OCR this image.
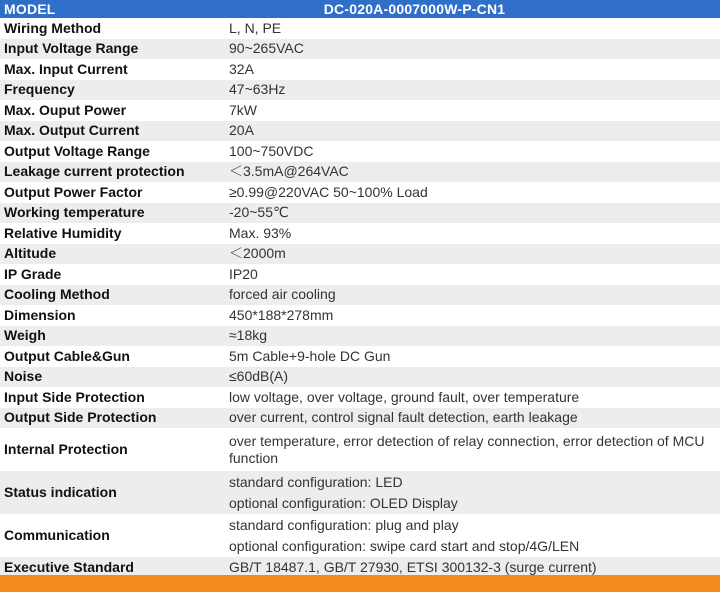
MODEL	DC-020A-0007000W-P-CN1
Wiring Method	L, N, PE
Input Voltage Range	90~265VAC
Max. Input Current	32A
Frequency	47~63Hz
Max. Ouput Power	7kW
Max. Output Current	20A
Output Voltage Range	100~750VDC
Leakage current protection	＜3.5mA@264VAC
Output Power Factor	≥0.99@220VAC 50~100% Load
Working temperature	-20~55℃
Relative Humidity	Max. 93%
Altitude	＜2000m
IP Grade	IP20
Cooling Method	forced air cooling
Dimension	450*188*278mm
Weigh	≈18kg
Output Cable&Gun	5m Cable+9-hole DC Gun
Noise	≤60dB(A)
Input Side Protection	low voltage, over voltage, ground fault, over temperature
Output Side Protection	over current, control signal fault detection, earth leakage
Internal Protection	over temperature, error detection of relay connection, error detection of MCU function
Status indication	standard configuration: LED
optional configuration: OLED Display

Communication	standard configuration: plug and play
optional configuration: swipe card start and stop/4G/LEN

Executive Standard	GB/T 18487.1, GB/T 27930, ETSI 300132-3 (surge current)
